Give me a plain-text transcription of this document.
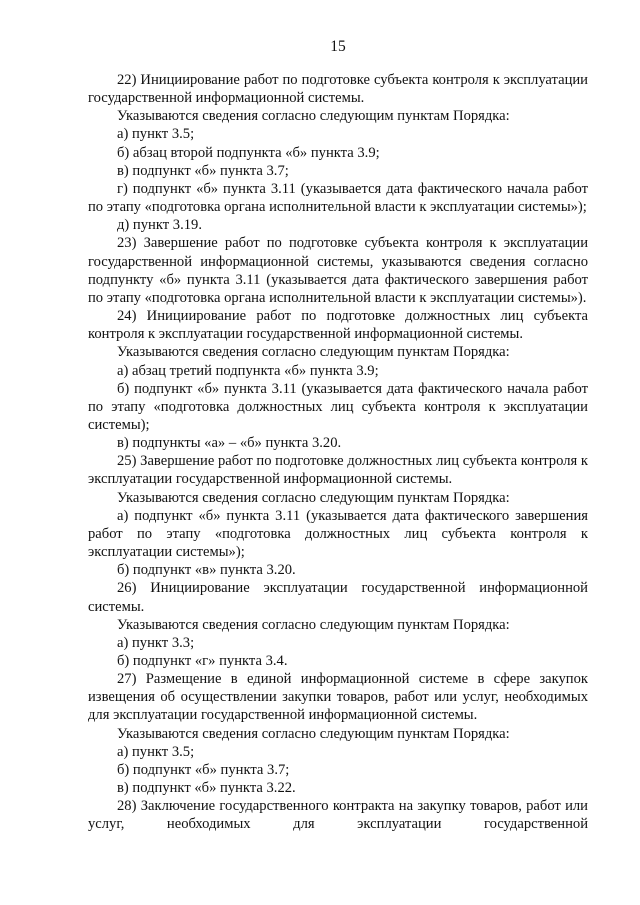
15

22) Инициирование работ по подготовке субъекта контроля к эксплуатации государственной информационной системы.

Указываются сведения согласно следующим пунктам Порядка:

а) пункт 3.5;

б) абзац второй подпункта «б» пункта 3.9;

в) подпункт «б» пункта 3.7;

г) подпункт «б» пункта 3.11 (указывается дата фактического начала работ по этапу «подготовка органа исполнительной власти к эксплуатации системы»);

д) пункт 3.19.

23) Завершение работ по подготовке субъекта контроля к эксплуатации государственной информационной системы, указываются сведения согласно подпункту «б» пункта 3.11 (указывается дата фактического завершения работ по этапу «подготовка органа исполнительной власти к эксплуатации системы»).

24) Инициирование работ по подготовке должностных лиц субъекта контроля к эксплуатации государственной информационной системы.

Указываются сведения согласно следующим пунктам Порядка:

а) абзац третий подпункта «б» пункта 3.9;

б) подпункт «б» пункта 3.11 (указывается дата фактического начала работ по этапу «подготовка должностных лиц субъекта контроля к эксплуатации системы);

в) подпункты «а» – «б» пункта 3.20.

25) Завершение работ по подготовке должностных лиц субъекта контроля к эксплуатации государственной информационной системы.

Указываются сведения согласно следующим пунктам Порядка:

а) подпункт «б» пункта 3.11 (указывается дата фактического завершения работ по этапу «подготовка должностных лиц субъекта контроля к эксплуатации системы»);

б) подпункт «в» пункта 3.20.

26) Инициирование эксплуатации государственной информационной системы.

Указываются сведения согласно следующим пунктам Порядка:

а) пункт 3.3;

б) подпункт «г» пункта 3.4.

27) Размещение в единой информационной системе в сфере закупок извещения об осуществлении закупки товаров, работ или услуг, необходимых для эксплуатации государственной информационной системы.

Указываются сведения согласно следующим пунктам Порядка:

а) пункт 3.5;

б) подпункт «б» пункта 3.7;

в) подпункт «б» пункта 3.22.

28) Заключение государственного контракта на закупку товаров, работ или услуг, необходимых для эксплуатации государственной
